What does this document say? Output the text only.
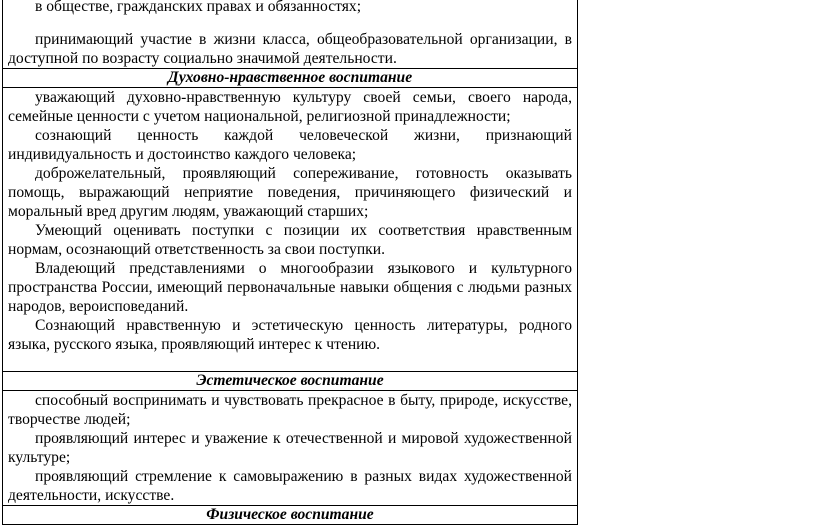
в обществе, гражданских правах и обязанностях;

принимающий участие в жизни класса, общеобразовательной организации, в доступной по возрасту социально значимой деятельности.

Духовно-нравственное воспитание

уважающий духовно-нравственную культуру своей семьи, своего народа, семейные ценности с учетом национальной, религиозной принадлежности;

сознающий ценность каждой человеческой жизни, признающий индивидуальность и достоинство каждого человека;

доброжелательный, проявляющий сопереживание, готовность оказывать помощь, выражающий неприятие поведения, причиняющего физический и моральный вред другим людям, уважающий старших;

Умеющий оценивать поступки с позиции их соответствия нравственным нормам, осознающий ответственность за свои поступки.

Владеющий представлениями о многообразии языкового и культурного пространства России, имеющий первоначальные навыки общения с людьми разных народов, вероисповеданий.

Сознающий нравственную и эстетическую ценность литературы, родного языка, русского языка, проявляющий интерес к чтению.

Эстетическое воспитание

способный воспринимать и чувствовать прекрасное в быту, природе, искусстве, творчестве людей;

проявляющий интерес и уважение к отечественной и мировой художественной культуре;

проявляющий стремление к самовыражению в разных видах художественной деятельности, искусстве.

Физическое воспитание
